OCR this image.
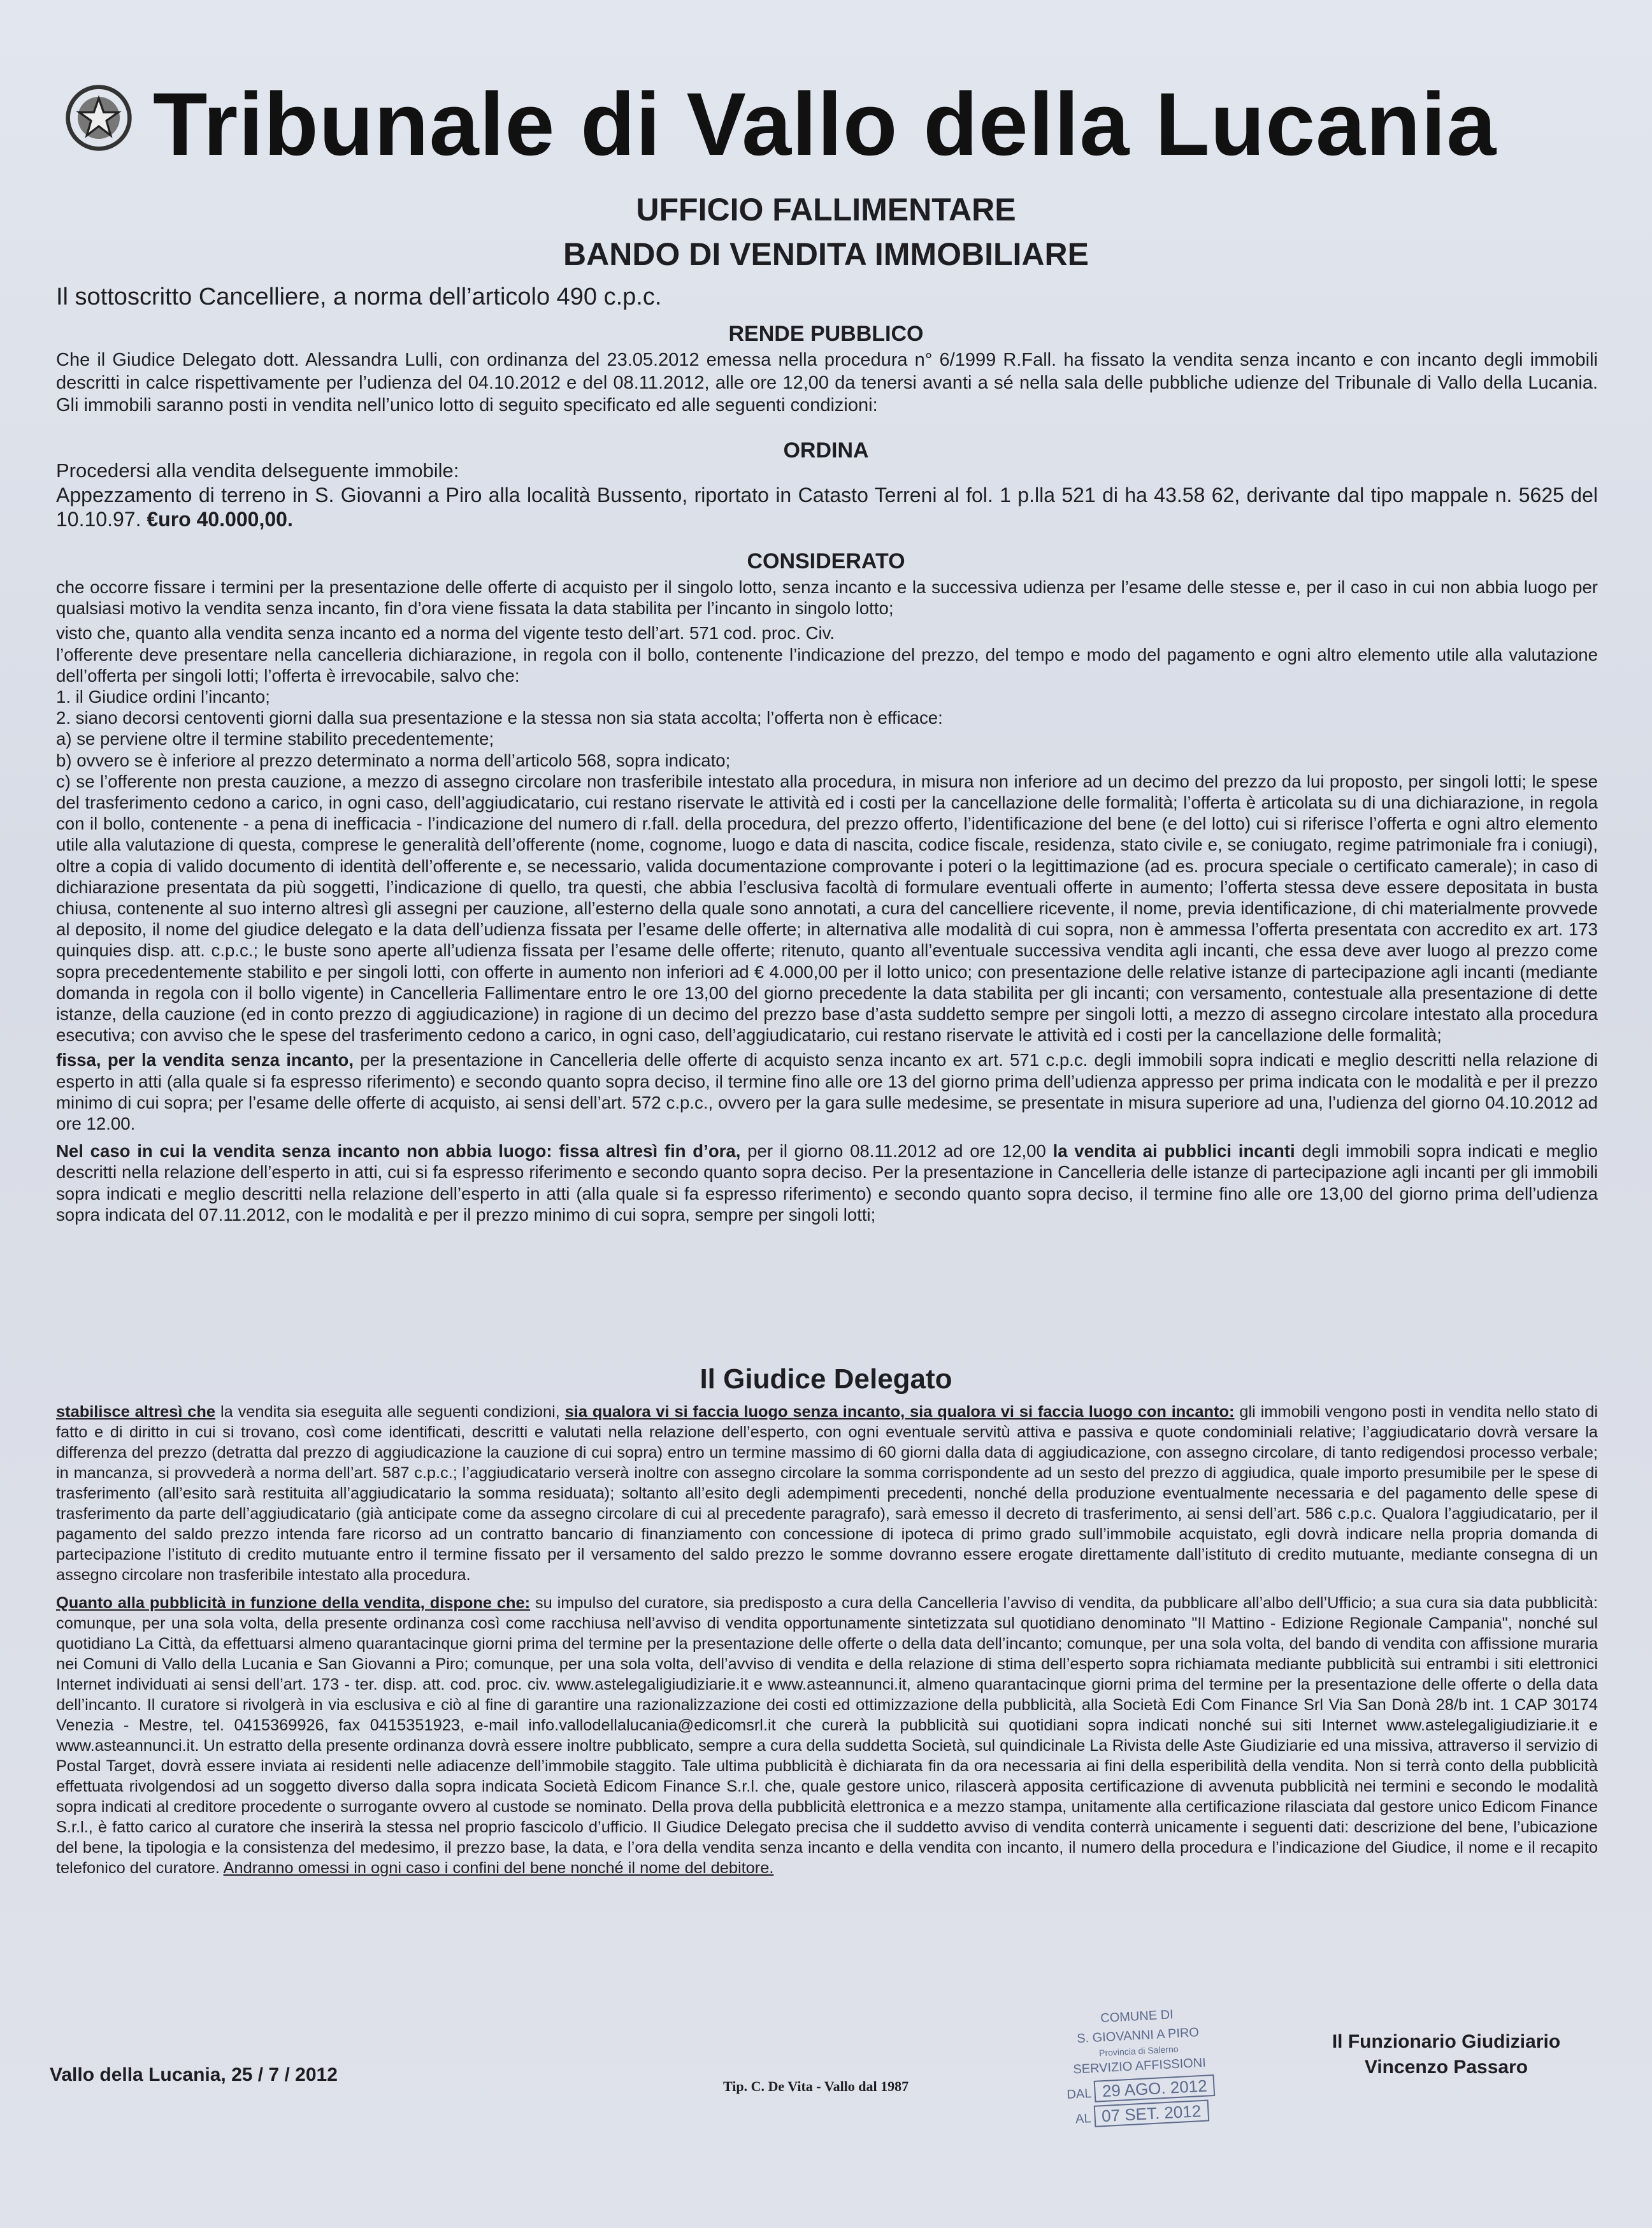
Tribunale di Vallo della Lucania
UFFICIO FALLIMENTARE
BANDO DI VENDITA IMMOBILIARE
Il sottoscritto Cancelliere, a norma dell’articolo 490 c.p.c.
RENDE PUBBLICO

Che il Giudice Delegato dott. Alessandra Lulli, con ordinanza del 23.05.2012 emessa nella procedura n° 6/1999 R.Fall. ha fissato la vendita senza incanto e con incanto degli immobili descritti in calce rispettivamente per l’udienza del 04.10.2012 e del 08.11.2012, alle ore 12,00 da tenersi avanti a sé nella sala delle pubbliche udienze del Tribunale di Vallo della Lucania. Gli immobili saranno posti in vendita nell’unico lotto di seguito specificato ed alle seguenti condizioni:

ORDINA

Procedersi alla vendita delseguente immobile:

Appezzamento di terreno in S. Giovanni a Piro alla località Bussento, riportato in Catasto Terreni al fol. 1 p.lla 521 di ha 43.58 62, derivante dal tipo mappale n. 5625 del 10.10.97. €uro 40.000,00.

CONSIDERATO

che occorre fissare i termini per la presentazione delle offerte di acquisto per il singolo lotto, senza incanto e la successiva udienza per l’esame delle stesse e, per il caso in cui non abbia luogo per qualsiasi motivo la vendita senza incanto, fin d’ora viene fissata la data stabilita per l’incanto in singolo lotto;

visto che, quanto alla vendita senza incanto ed a norma del vigente testo dell’art. 571 cod. proc. Civ.

l’offerente deve presentare nella cancelleria dichiarazione, in regola con il bollo, contenente l’indicazione del prezzo, del tempo e modo del pagamento e ogni altro elemento utile alla valutazione dell’offerta per singoli lotti; l’offerta è irrevocabile, salvo che:

1. il Giudice ordini l’incanto;

2. siano decorsi centoventi giorni dalla sua presentazione e la stessa non sia stata accolta; l’offerta non è efficace:

a) se perviene oltre il termine stabilito precedentemente;

b) ovvero se è inferiore al prezzo determinato a norma dell’articolo 568, sopra indicato;

c) se l’offerente non presta cauzione, a mezzo di assegno circolare non trasferibile intestato alla procedura, in misura non inferiore ad un decimo del prezzo da lui proposto, per singoli lotti; le spese del trasferimento cedono a carico, in ogni caso, dell’aggiudicatario, cui restano riservate le attività ed i costi per la cancellazione delle formalità; l’offerta è articolata su di una dichiarazione, in regola con il bollo, contenente - a pena di inefficacia - l’indicazione del numero di r.fall. della procedura, del prezzo offerto, l’identificazione del bene (e del lotto) cui si riferisce l’offerta e ogni altro elemento utile alla valutazione di questa, comprese le generalità dell’offerente (nome, cognome, luogo e data di nascita, codice fiscale, residenza, stato civile e, se coniugato, regime patrimoniale fra i coniugi), oltre a copia di valido documento di identità dell’offerente e, se necessario, valida documentazione comprovante i poteri o la legittimazione (ad es. procura speciale o certificato camerale); in caso di dichiarazione presentata da più soggetti, l’indicazione di quello, tra questi, che abbia l’esclusiva facoltà di formulare eventuali offerte in aumento; l’offerta stessa deve essere depositata in busta chiusa, contenente al suo interno altresì gli assegni per cauzione, all’esterno della quale sono annotati, a cura del cancelliere ricevente, il nome, previa identificazione, di chi materialmente provvede al deposito, il nome del giudice delegato e la data dell’udienza fissata per l’esame delle offerte; in alternativa alle modalità di cui sopra, non è ammessa l’offerta presentata con accredito ex art. 173 quinquies disp. att. c.p.c.; le buste sono aperte all’udienza fissata per l’esame delle offerte; ritenuto, quanto all’eventuale successiva vendita agli incanti, che essa deve aver luogo al prezzo come sopra precedentemente stabilito e per singoli lotti, con offerte in aumento non inferiori ad € 4.000,00 per il lotto unico; con presentazione delle relative istanze di partecipazione agli incanti (mediante domanda in regola con il bollo vigente) in Cancelleria Fallimentare entro le ore 13,00 del giorno precedente la data stabilita per gli incanti; con versamento, contestuale alla presentazione di dette istanze, della cauzione (ed in conto prezzo di aggiudicazione) in ragione di un decimo del prezzo base d’asta suddetto sempre per singoli lotti, a mezzo di assegno circolare intestato alla procedura esecutiva; con avviso che le spese del trasferimento cedono a carico, in ogni caso, dell’aggiudicatario, cui restano riservate le attività ed i costi per la cancellazione delle formalità;

fissa, per la vendita senza incanto, per la presentazione in Cancelleria delle offerte di acquisto senza incanto ex art. 571 c.p.c. degli immobili sopra indicati e meglio descritti nella relazione di esperto in atti (alla quale si fa espresso riferimento) e secondo quanto sopra deciso, il termine fino alle ore 13 del giorno prima dell’udienza appresso per prima indicata con le modalità e per il prezzo minimo di cui sopra; per l’esame delle offerte di acquisto, ai sensi dell’art. 572 c.p.c., ovvero per la gara sulle medesime, se presentate in misura superiore ad una, l’udienza del giorno 04.10.2012 ad ore 12.00.

Nel caso in cui la vendita senza incanto non abbia luogo: fissa altresì fin d’ora, per il giorno 08.11.2012 ad ore 12,00 la vendita ai pubblici incanti degli immobili sopra indicati e meglio descritti nella relazione dell’esperto in atti, cui si fa espresso riferimento e secondo quanto sopra deciso. Per la presentazione in Cancelleria delle istanze di partecipazione agli incanti per gli immobili sopra indicati e meglio descritti nella relazione dell’esperto in atti (alla quale si fa espresso riferimento) e secondo quanto sopra deciso, il termine fino alle ore 13,00 del giorno prima dell’udienza sopra indicata del 07.11.2012, con le modalità e per il prezzo minimo di cui sopra, sempre per singoli lotti;

Il Giudice Delegato

stabilisce altresì che la vendita sia eseguita alle seguenti condizioni, sia qualora vi si faccia luogo senza incanto, sia qualora vi si faccia luogo con incanto: gli immobili vengono posti in vendita nello stato di fatto e di diritto in cui si trovano, così come identificati, descritti e valutati nella relazione dell’esperto, con ogni eventuale servitù attiva e passiva e quote condominiali relative; l’aggiudicatario dovrà versare la differenza del prezzo (detratta dal prezzo di aggiudicazione la cauzione di cui sopra) entro un termine massimo di 60 giorni dalla data di aggiudicazione, con assegno circolare, di tanto redigendosi processo verbale; in mancanza, si provvederà a norma dell’art. 587 c.p.c.; l’aggiudicatario verserà inoltre con assegno circolare la somma corrispondente ad un sesto del prezzo di aggiudica, quale importo presumibile per le spese di trasferimento (all’esito sarà restituita all’aggiudicatario la somma residuata); soltanto all’esito degli adempimenti precedenti, nonché della produzione eventualmente necessaria e del pagamento delle spese di trasferimento da parte dell’aggiudicatario (già anticipate come da assegno circolare di cui al precedente paragrafo), sarà emesso il decreto di trasferimento, ai sensi dell’art. 586 c.p.c. Qualora l’aggiudicatario, per il pagamento del saldo prezzo intenda fare ricorso ad un contratto bancario di finanziamento con concessione di ipoteca di primo grado sull’immobile acquistato, egli dovrà indicare nella propria domanda di partecipazione l’istituto di credito mutuante entro il termine fissato per il versamento del saldo prezzo le somme dovranno essere erogate direttamente dall’istituto di credito mutuante, mediante consegna di un assegno circolare non trasferibile intestato alla procedura.

Quanto alla pubblicità in funzione della vendita, dispone che: su impulso del curatore, sia predisposto a cura della Cancelleria l’avviso di vendita, da pubblicare all’albo dell’Ufficio; a sua cura sia data pubblicità: comunque, per una sola volta, della presente ordinanza così come racchiusa nell’avviso di vendita opportunamente sintetizzata sul quotidiano denominato "Il Mattino - Edizione Regionale Campania", nonché sul quotidiano La Città, da effettuarsi almeno quarantacinque giorni prima del termine per la presentazione delle offerte o della data dell’incanto; comunque, per una sola volta, del bando di vendita con affissione muraria nei Comuni di Vallo della Lucania e San Giovanni a Piro; comunque, per una sola volta, dell’avviso di vendita e della relazione di stima dell’esperto sopra richiamata mediante pubblicità sui entrambi i siti elettronici Internet individuati ai sensi dell’art. 173 - ter. disp. att. cod. proc. civ. www.astelegaligiudiziarie.it e www.asteannunci.it, almeno quarantacinque giorni prima del termine per la presentazione delle offerte o della data dell’incanto. Il curatore si rivolgerà in via esclusiva e ciò al fine di garantire una razionalizzazione dei costi ed ottimizzazione della pubblicità, alla Società Edi Com Finance Srl Via San Donà 28/b int. 1 CAP 30174 Venezia - Mestre, tel. 0415369926, fax 0415351923, e-mail info.vallodellalucania@edicomsrl.it che curerà la pubblicità sui quotidiani sopra indicati nonché sui siti Internet www.astelegaligiudiziarie.it e www.asteannunci.it. Un estratto della presente ordinanza dovrà essere inoltre pubblicato, sempre a cura della suddetta Società, sul quindicinale La Rivista delle Aste Giudiziarie ed una missiva, attraverso il servizio di Postal Target, dovrà essere inviata ai residenti nelle adiacenze dell’immobile staggito. Tale ultima pubblicità è dichiarata fin da ora necessaria ai fini della esperibilità della vendita. Non si terrà conto della pubblicità effettuata rivolgendosi ad un soggetto diverso dalla sopra indicata Società Edicom Finance S.r.l. che, quale gestore unico, rilascerà apposita certificazione di avvenuta pubblicità nei termini e secondo le modalità sopra indicati al creditore procedente o surrogante ovvero al custode se nominato. Della prova della pubblicità elettronica e a mezzo stampa, unitamente alla certificazione rilasciata dal gestore unico Edicom Finance S.r.l., è fatto carico al curatore che inserirà la stessa nel proprio fascicolo d’ufficio. Il Giudice Delegato precisa che il suddetto avviso di vendita conterrà unicamente i seguenti dati: descrizione del bene, l’ubicazione del bene, la tipologia e la consistenza del medesimo, il prezzo base, la data, e l’ora della vendita senza incanto e della vendita con incanto, il numero della procedura e l’indicazione del Giudice, il nome e il recapito telefonico del curatore. Andranno omessi in ogni caso i confini del bene nonché il nome del debitore.

Vallo della Lucania, 25 / 7 / 2012
Tip. C. De Vita - Vallo dal 1987
COMUNE DI
S. GIOVANNI A PIRO
Provincia di Salerno
SERVIZIO AFFISSIONI
DAL 29 AGO. 2012
AL 07 SET. 2012
Il Funzionario Giudiziario
Vincenzo Passaro
